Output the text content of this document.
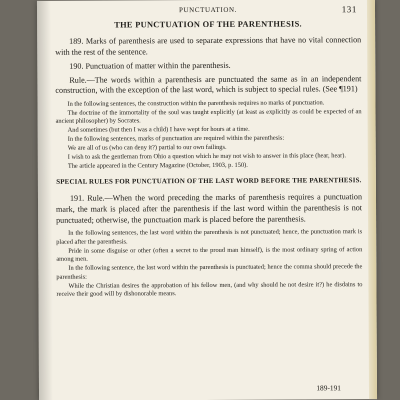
PUNCTUATION.	131
THE PUNCTUATION OF THE PARENTHESIS.

189. Marks of parenthesis are used to separate expressions that have no vital connection with the rest of the sentence.

190. Punctuation of matter within the parenthesis.

Rule.—The words within a parenthesis are punctuated the same as in an independent construction, with the exception of the last word, which is subject to special rules. (See ¶191)

In the following sentences, the construction within the parenthesis requires no marks of punctuation.

The doctrine of the immortality of the soul was taught explicitly (at least as explicitly as could be expected of an ancient philosopher) by Socrates.

And sometimes (but then I was a child) I have wept for hours at a time.

In the following sentences, marks of punctuation are required within the parenthesis:

We are all of us (who can deny it?) partial to our own failings.

I wish to ask the gentleman from Ohio a question which he may not wish to answer in this place (hear, hear).

The article appeared in the Century Magazine (October, 1903, p. 150).

SPECIAL RULES FOR PUNCTUATION OF THE LAST WORD BEFORE THE PARENTHESIS.

191. Rule.—When the word preceding the marks of parenthesis requires a punctuation mark, the mark is placed after the parenthesis if the last word within the parenthesis is not punctuated; otherwise, the punctuation mark is placed before the parenthesis.

In the following sentences, the last word within the parenthesis is not punctuated; hence, the punctuation mark is placed after the parenthesis.

Pride in some disguise or other (often a secret to the proud man himself), is the most ordinary spring of action among men.

In the following sentence, the last word within the parenthesis is punctuated; hence the comma should precede the parenthesis:

While the Christian desires the approbation of his fellow men, (and why should he not desire it?) he disdains to receive their good will by dishonorable means.

189-191
